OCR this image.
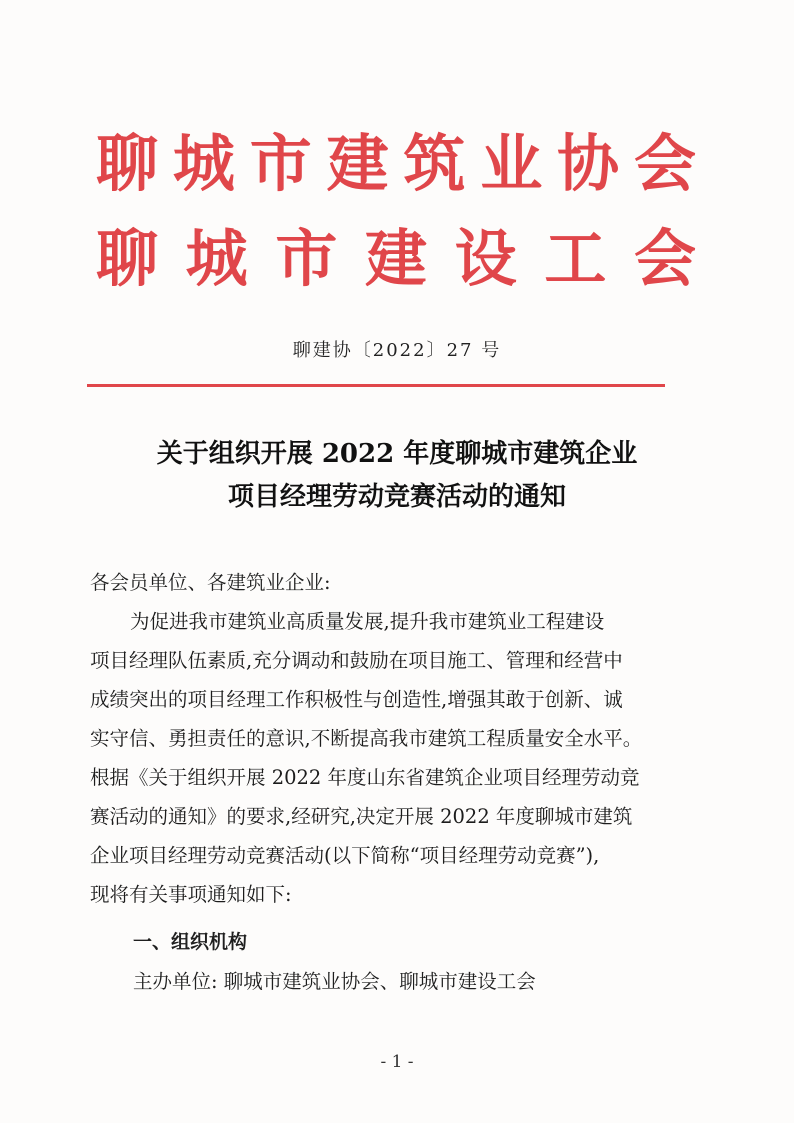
聊城市建筑业协会
聊城市建设工会
聊建协〔2022〕27 号
关于组织开展 2022 年度聊城市建筑企业
项目经理劳动竞赛活动的通知
各会员单位、各建筑业企业:
为促进我市建筑业高质量发展,提升我市建筑业工程建设
项目经理队伍素质,充分调动和鼓励在项目施工、管理和经营中
成绩突出的项目经理工作积极性与创造性,增强其敢于创新、诚
实守信、勇担责任的意识,不断提高我市建筑工程质量安全水平。
根据《关于组织开展 2022 年度山东省建筑企业项目经理劳动竞
赛活动的通知》的要求,经研究,决定开展 2022 年度聊城市建筑
企业项目经理劳动竞赛活动(以下简称“项目经理劳动竞赛”),
现将有关事项通知如下:
一、组织机构
主办单位: 聊城市建筑业协会、聊城市建设工会
- 1 -
